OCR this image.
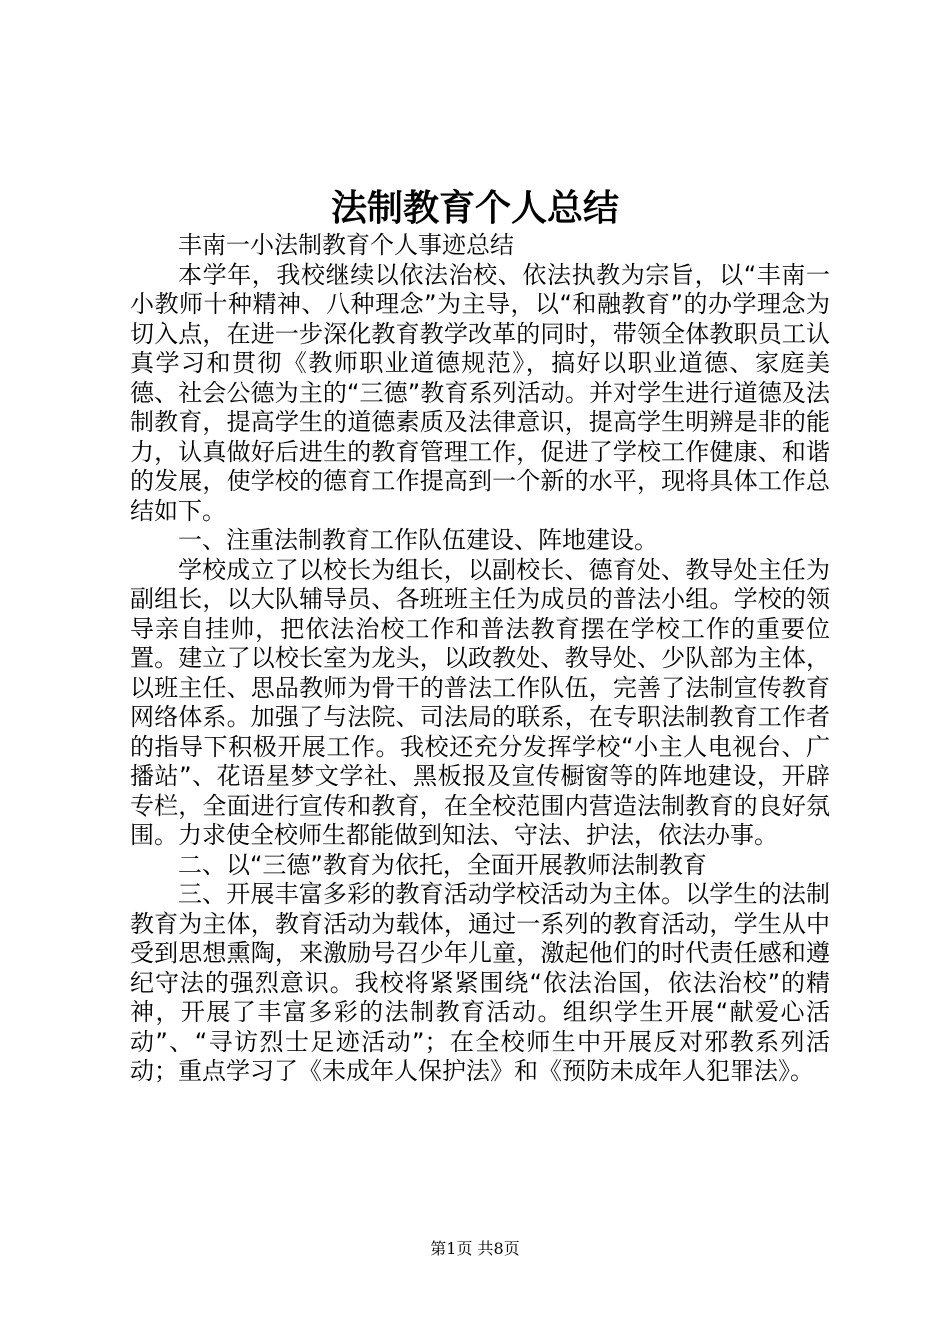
法制教育个人总结

丰南一小法制教育个人事迹总结

本学年，我校继续以依法治校、依法执教为宗旨，以“丰南一小教师十种精神、八种理念”为主导，以“和融教育”的办学理念为切入点，在进一步深化教育教学改革的同时，带领全体教职员工认真学习和贯彻《教师职业道德规范》，搞好以职业道德、家庭美德、社会公德为主的“三德”教育系列活动。并对学生进行道德及法制教育，提高学生的道德素质及法律意识，提高学生明辨是非的能力，认真做好后进生的教育管理工作，促进了学校工作健康、和谐的发展，使学校的德育工作提高到一个新的水平，现将具体工作总结如下。

一、注重法制教育工作队伍建设、阵地建设。

学校成立了以校长为组长，以副校长、德育处、教导处主任为副组长，以大队辅导员、各班班主任为成员的普法小组。学校的领导亲自挂帅，把依法治校工作和普法教育摆在学校工作的重要位置。建立了以校长室为龙头，以政教处、教导处、少队部为主体，以班主任、思品教师为骨干的普法工作队伍，完善了法制宣传教育网络体系。加强了与法院、司法局的联系，在专职法制教育工作者的指导下积极开展工作。我校还充分发挥学校“小主人电视台、广播站”、花语星梦文学社、黑板报及宣传橱窗等的阵地建设，开辟专栏，全面进行宣传和教育，在全校范围内营造法制教育的良好氛围。力求使全校师生都能做到知法、守法、护法，依法办事。

二、以“三德”教育为依托，全面开展教师法制教育

三、开展丰富多彩的教育活动学校活动为主体。以学生的法制教育为主体，教育活动为载体，通过一系列的教育活动，学生从中受到思想熏陶，来激励号召少年儿童，激起他们的时代责任感和遵纪守法的强烈意识。我校将紧紧围绕“依法治国，依法治校”的精神，开展了丰富多彩的法制教育活动。组织学生开展“献爱心活动”、“寻访烈士足迹活动”；在全校师生中开展反对邪教系列活动；重点学习了《未成年人保护法》和《预防未成年人犯罪法》。

第1页 共8页
